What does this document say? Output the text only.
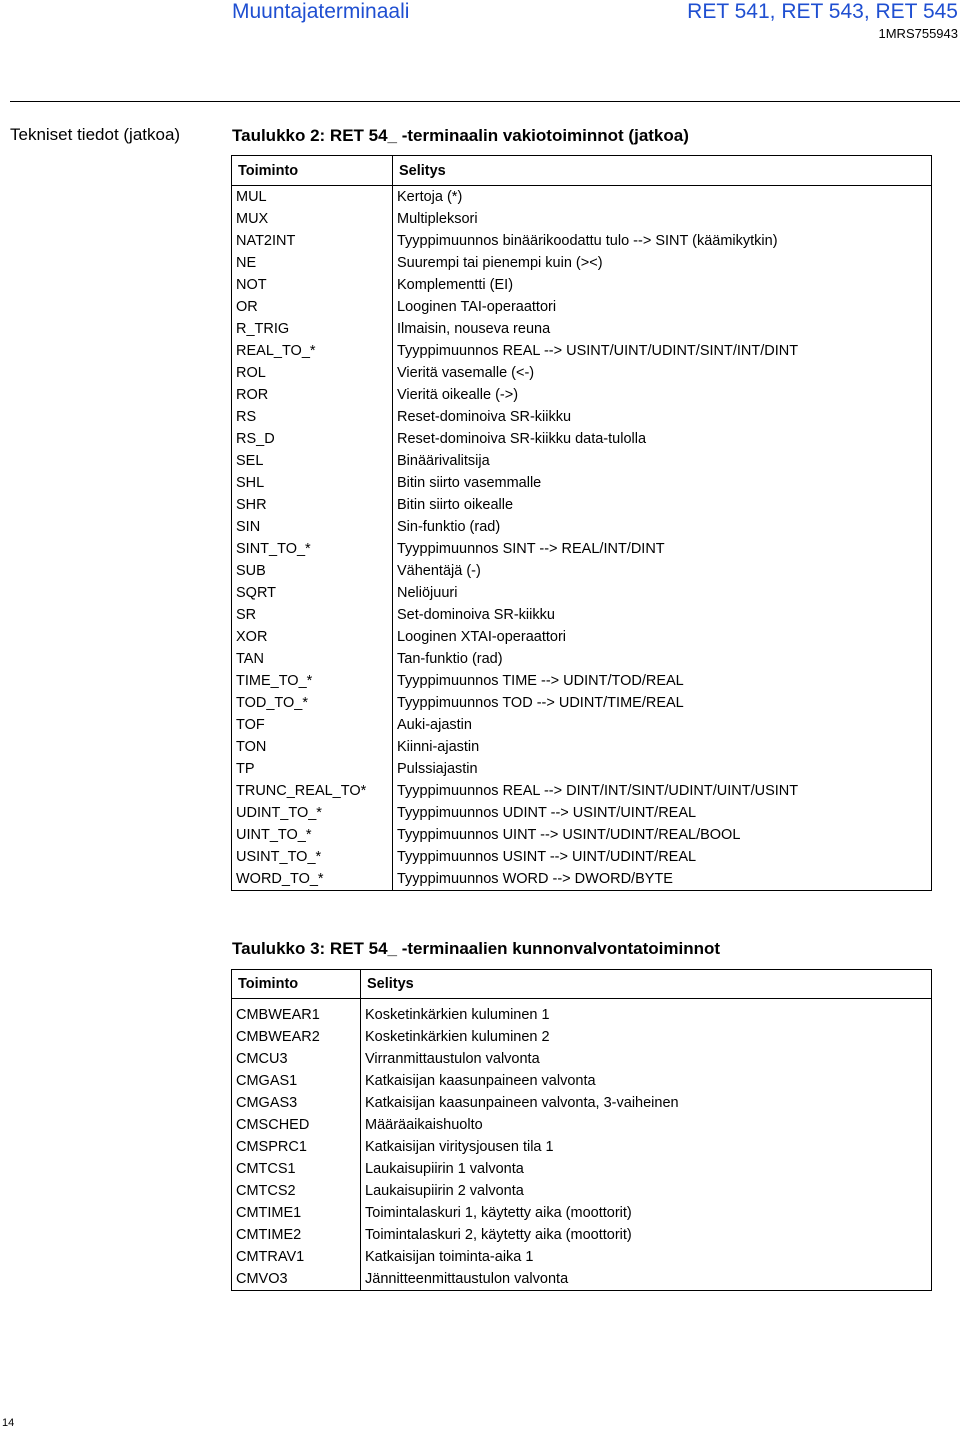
Muuntajaterminaali	RET 541, RET 543, RET 545
1MRS755943
Tekniset tiedot (jatkoa)	Taulukko 2: RET 54_ -terminaalin vakiotoiminnot (jatkoa)
Toiminto	Selitys
MUL	Kertoja (*)
MUX	Multipleksori
NAT2INT	Tyyppimuunnos binäärikoodattu tulo --> SINT (käämikytkin)
NE	Suurempi tai pienempi kuin (><)
NOT	Komplementti (EI)
OR	Looginen TAI-operaattori
R_TRIG	Ilmaisin, nouseva reuna
REAL_TO_*	Tyyppimuunnos REAL --> USINT/UINT/UDINT/SINT/INT/DINT
ROL	Vieritä vasemalle (<-)
ROR	Vieritä oikealle (->)
RS	Reset-dominoiva SR-kiikku
RS_D	Reset-dominoiva SR-kiikku data-tulolla
SEL	Binäärivalitsija
SHL	Bitin siirto vasemmalle
SHR	Bitin siirto oikealle
SIN	Sin-funktio (rad)
SINT_TO_*	Tyyppimuunnos SINT --> REAL/INT/DINT
SUB	Vähentäjä (-)
SQRT	Neliöjuuri
SR	Set-dominoiva SR-kiikku
XOR	Looginen XTAI-operaattori
TAN	Tan-funktio (rad)
TIME_TO_*	Tyyppimuunnos TIME --> UDINT/TOD/REAL
TOD_TO_*	Tyyppimuunnos TOD --> UDINT/TIME/REAL
TOF	Auki-ajastin
TON	Kiinni-ajastin
TP	Pulssiajastin
TRUNC_REAL_TO*	Tyyppimuunnos REAL --> DINT/INT/SINT/UDINT/UINT/USINT
UDINT_TO_*	Tyyppimuunnos UDINT --> USINT/UINT/REAL
UINT_TO_*	Tyyppimuunnos UINT --> USINT/UDINT/REAL/BOOL
USINT_TO_*	Tyyppimuunnos USINT --> UINT/UDINT/REAL
WORD_TO_*	Tyyppimuunnos WORD --> DWORD/BYTE
Taulukko 3: RET 54_ -terminaalien kunnonvalvontatoiminnot
Toiminto	Selitys

CMBWEAR1	Kosketinkärkien kuluminen 1
CMBWEAR2	Kosketinkärkien kuluminen 2
CMCU3	Virranmittaustulon valvonta
CMGAS1	Katkaisijan kaasunpaineen valvonta
CMGAS3	Katkaisijan kaasunpaineen valvonta, 3-vaiheinen
CMSCHED	Määräaikaishuolto
CMSPRC1	Katkaisijan viritysjousen tila 1
CMTCS1	Laukaisupiirin 1 valvonta
CMTCS2	Laukaisupiirin 2 valvonta
CMTIME1	Toimintalaskuri 1, käytetty aika (moottorit)
CMTIME2	Toimintalaskuri 2, käytetty aika (moottorit)
CMTRAV1	Katkaisijan toiminta-aika 1
CMVO3	Jännitteenmittaustulon valvonta
14
